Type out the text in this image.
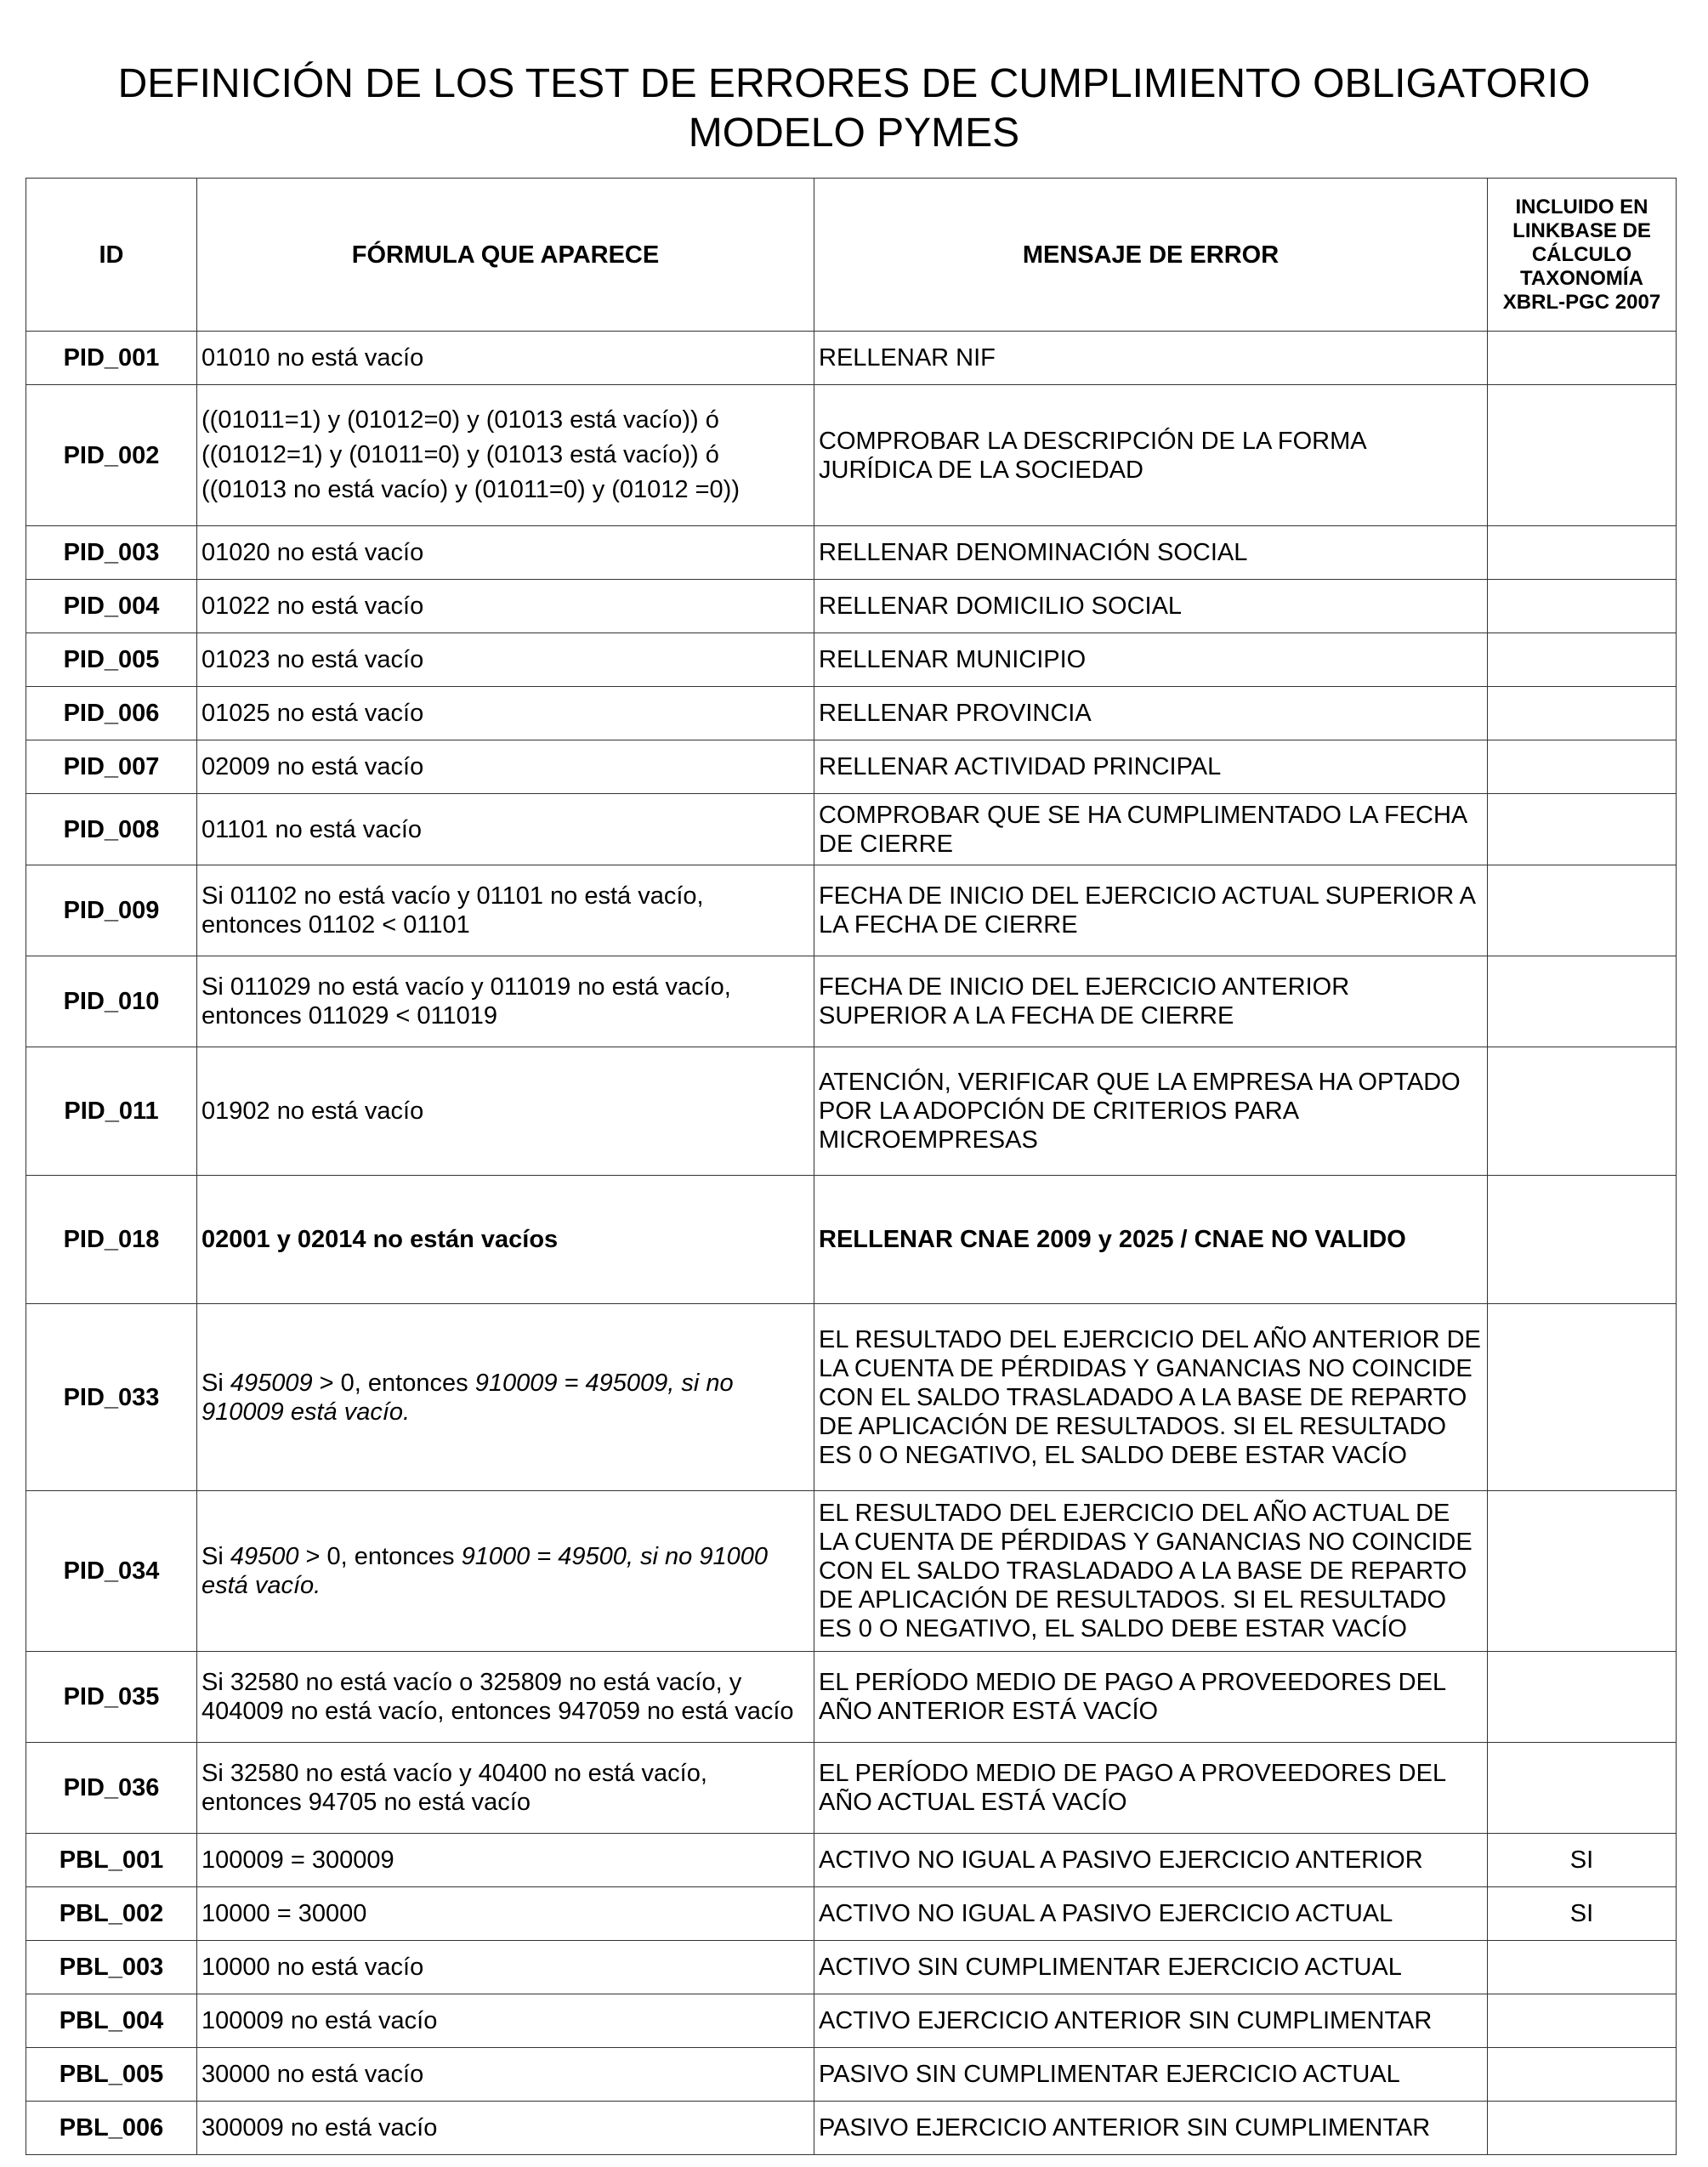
DEFINICIÓN DE LOS TEST DE ERRORES DE CUMPLIMIENTO OBLIGATORIO
MODELO PYMES
ID	FÓRMULA QUE APARECE	MENSAJE DE ERROR	INCLUIDO EN LINKBASE DE CÁLCULO TAXONOMÍA XBRL-PGC 2007
PID_001	01010 no está vacío	RELLENAR NIF	
PID_002	((01011=1) y (01012=0) y (01013 está vacío)) ó
((01012=1) y (01011=0) y (01013 está vacío)) ó
((01013 no está vacío) y (01011=0) y (01012 =0))	COMPROBAR LA DESCRIPCIÓN DE LA FORMA JURÍDICA DE LA SOCIEDAD	
PID_003	01020 no está vacío	RELLENAR DENOMINACIÓN SOCIAL	
PID_004	01022 no está vacío	RELLENAR DOMICILIO SOCIAL	
PID_005	01023 no está vacío	RELLENAR MUNICIPIO	
PID_006	01025 no está vacío	RELLENAR PROVINCIA	
PID_007	02009 no está vacío	RELLENAR ACTIVIDAD PRINCIPAL	
PID_008	01101 no está vacío	COMPROBAR QUE SE HA CUMPLIMENTADO LA FECHA DE CIERRE	
PID_009	Si 01102 no está vacío y 01101 no está vacío, entonces 01102 < 01101	FECHA DE INICIO DEL EJERCICIO ACTUAL SUPERIOR A LA FECHA DE CIERRE	
PID_010	Si 011029 no está vacío y 011019 no está vacío, entonces 011029 < 011019	FECHA DE INICIO DEL EJERCICIO ANTERIOR SUPERIOR A LA FECHA DE CIERRE	
PID_011	01902 no está vacío	ATENCIÓN, VERIFICAR QUE LA EMPRESA HA OPTADO POR LA ADOPCIÓN DE CRITERIOS PARA MICROEMPRESAS	
PID_018	02001 y 02014 no están vacíos	RELLENAR CNAE 2009 y 2025 / CNAE NO VALIDO	
PID_033	Si 495009 > 0, entonces 910009 = 495009, si no 910009 está vacío.	EL RESULTADO DEL EJERCICIO DEL AÑO ANTERIOR DE LA CUENTA DE PÉRDIDAS Y GANANCIAS NO COINCIDE CON EL SALDO TRASLADADO A LA BASE DE REPARTO DE APLICACIÓN DE RESULTADOS. SI EL RESULTADO ES 0 O NEGATIVO, EL SALDO DEBE ESTAR VACÍO	
PID_034	Si 49500 > 0, entonces 91000 = 49500, si no 91000 está vacío.	EL RESULTADO DEL EJERCICIO DEL AÑO ACTUAL DE LA CUENTA DE PÉRDIDAS Y GANANCIAS NO COINCIDE CON EL SALDO TRASLADADO A LA BASE DE REPARTO DE APLICACIÓN DE RESULTADOS. SI EL RESULTADO ES 0 O NEGATIVO, EL SALDO DEBE ESTAR VACÍO	
PID_035	Si 32580 no está vacío o 325809 no está vacío, y 404009 no está vacío, entonces 947059 no está vacío	EL PERÍODO MEDIO DE PAGO A PROVEEDORES DEL AÑO ANTERIOR ESTÁ VACÍO	
PID_036	Si 32580 no está vacío y 40400 no está vacío, entonces 94705 no está vacío	EL PERÍODO MEDIO DE PAGO A PROVEEDORES DEL AÑO ACTUAL ESTÁ VACÍO	
PBL_001	100009 = 300009	ACTIVO NO IGUAL A PASIVO EJERCICIO ANTERIOR	SI
PBL_002	10000 = 30000	ACTIVO NO IGUAL A PASIVO EJERCICIO ACTUAL	SI
PBL_003	10000 no está vacío	ACTIVO SIN CUMPLIMENTAR EJERCICIO ACTUAL	
PBL_004	100009 no está vacío	ACTIVO EJERCICIO ANTERIOR SIN CUMPLIMENTAR	
PBL_005	30000 no está vacío	PASIVO SIN CUMPLIMENTAR EJERCICIO ACTUAL	
PBL_006	300009 no está vacío	PASIVO EJERCICIO ANTERIOR SIN CUMPLIMENTAR	
